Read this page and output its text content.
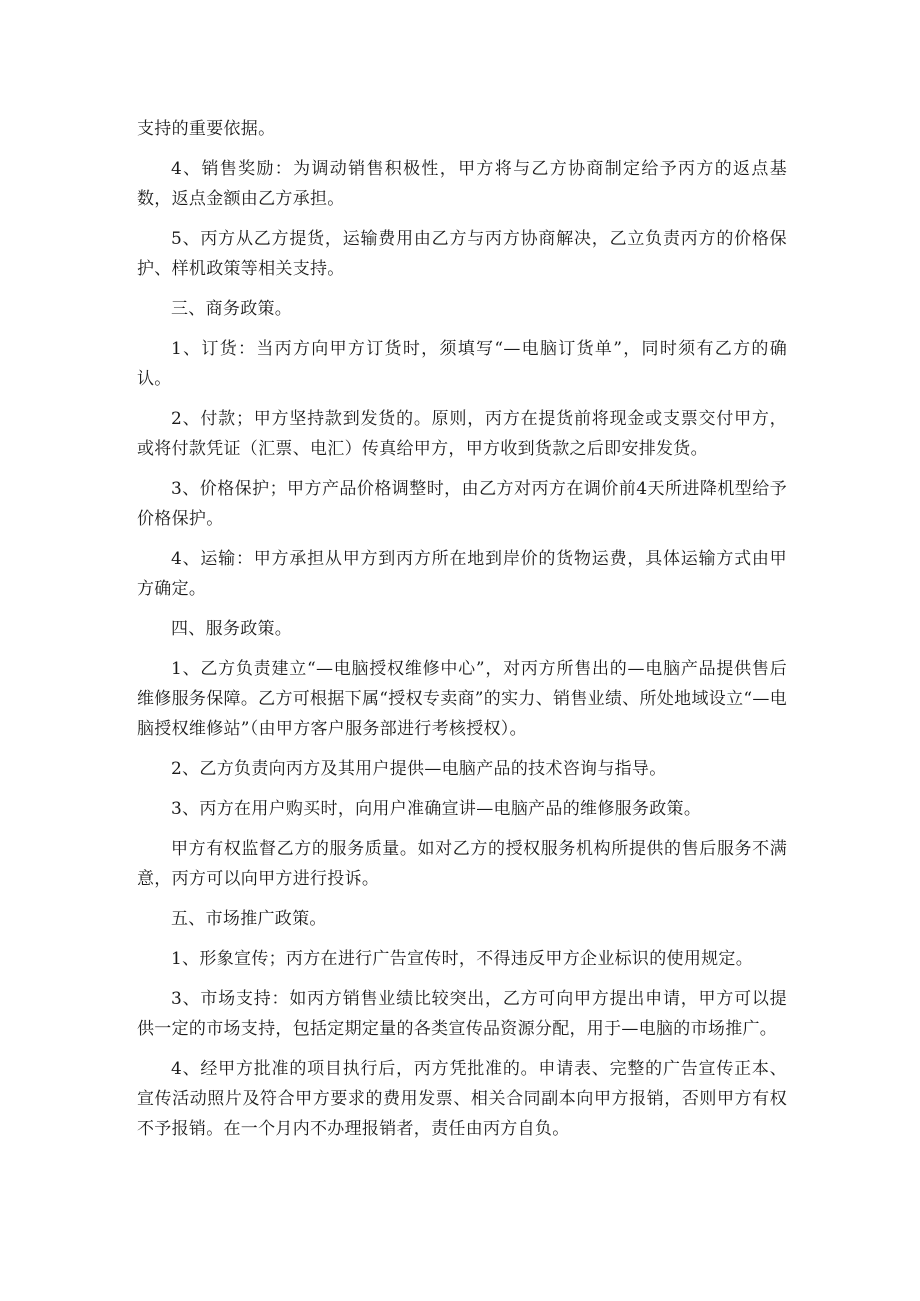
支持的重要依据。

4、销售奖励：为调动销售积极性，甲方将与乙方协商制定给予丙方的返点基数，返点金额由乙方承担。

5、丙方从乙方提货，运输费用由乙方与丙方协商解决，乙立负责丙方的价格保护、样机政策等相关支持。

三、商务政策。

1、订货：当丙方向甲方订货时，须填写“—电脑订货单”，同时须有乙方的确认。

2、付款；甲方坚持款到发货的。原则，丙方在提货前将现金或支票交付甲方，或将付款凭证（汇票、电汇）传真给甲方，甲方收到货款之后即安排发货。

3、价格保护；甲方产品价格调整时，由乙方对丙方在调价前4天所进降机型给予价格保护。

4、运输：甲方承担从甲方到丙方所在地到岸价的货物运费，具体运输方式由甲方确定。

四、服务政策。

1、乙方负责建立“—电脑授权维修中心”，对丙方所售出的—电脑产品提供售后维修服务保障。乙方可根据下属“授权专卖商”的实力、销售业绩、所处地域设立“—电脑授权维修站”（由甲方客户服务部进行考核授权）。

2、乙方负责向丙方及其用户提供—电脑产品的技术咨询与指导。

3、丙方在用户购买时，向用户准确宣讲—电脑产品的维修服务政策。

甲方有权监督乙方的服务质量。如对乙方的授权服务机构所提供的售后服务不满意，丙方可以向甲方进行投诉。

五、市场推广政策。

1、形象宣传；丙方在进行广告宣传时，不得违反甲方企业标识的使用规定。

3、市场支持：如丙方销售业绩比较突出，乙方可向甲方提出申请，甲方可以提供一定的市场支持，包括定期定量的各类宣传品资源分配，用于—电脑的市场推广。

4、经甲方批准的项目执行后，丙方凭批准的。申请表、完整的广告宣传正本、宣传活动照片及符合甲方要求的费用发票、相关合同副本向甲方报销，否则甲方有权不予报销。在一个月内不办理报销者，责任由丙方自负。
